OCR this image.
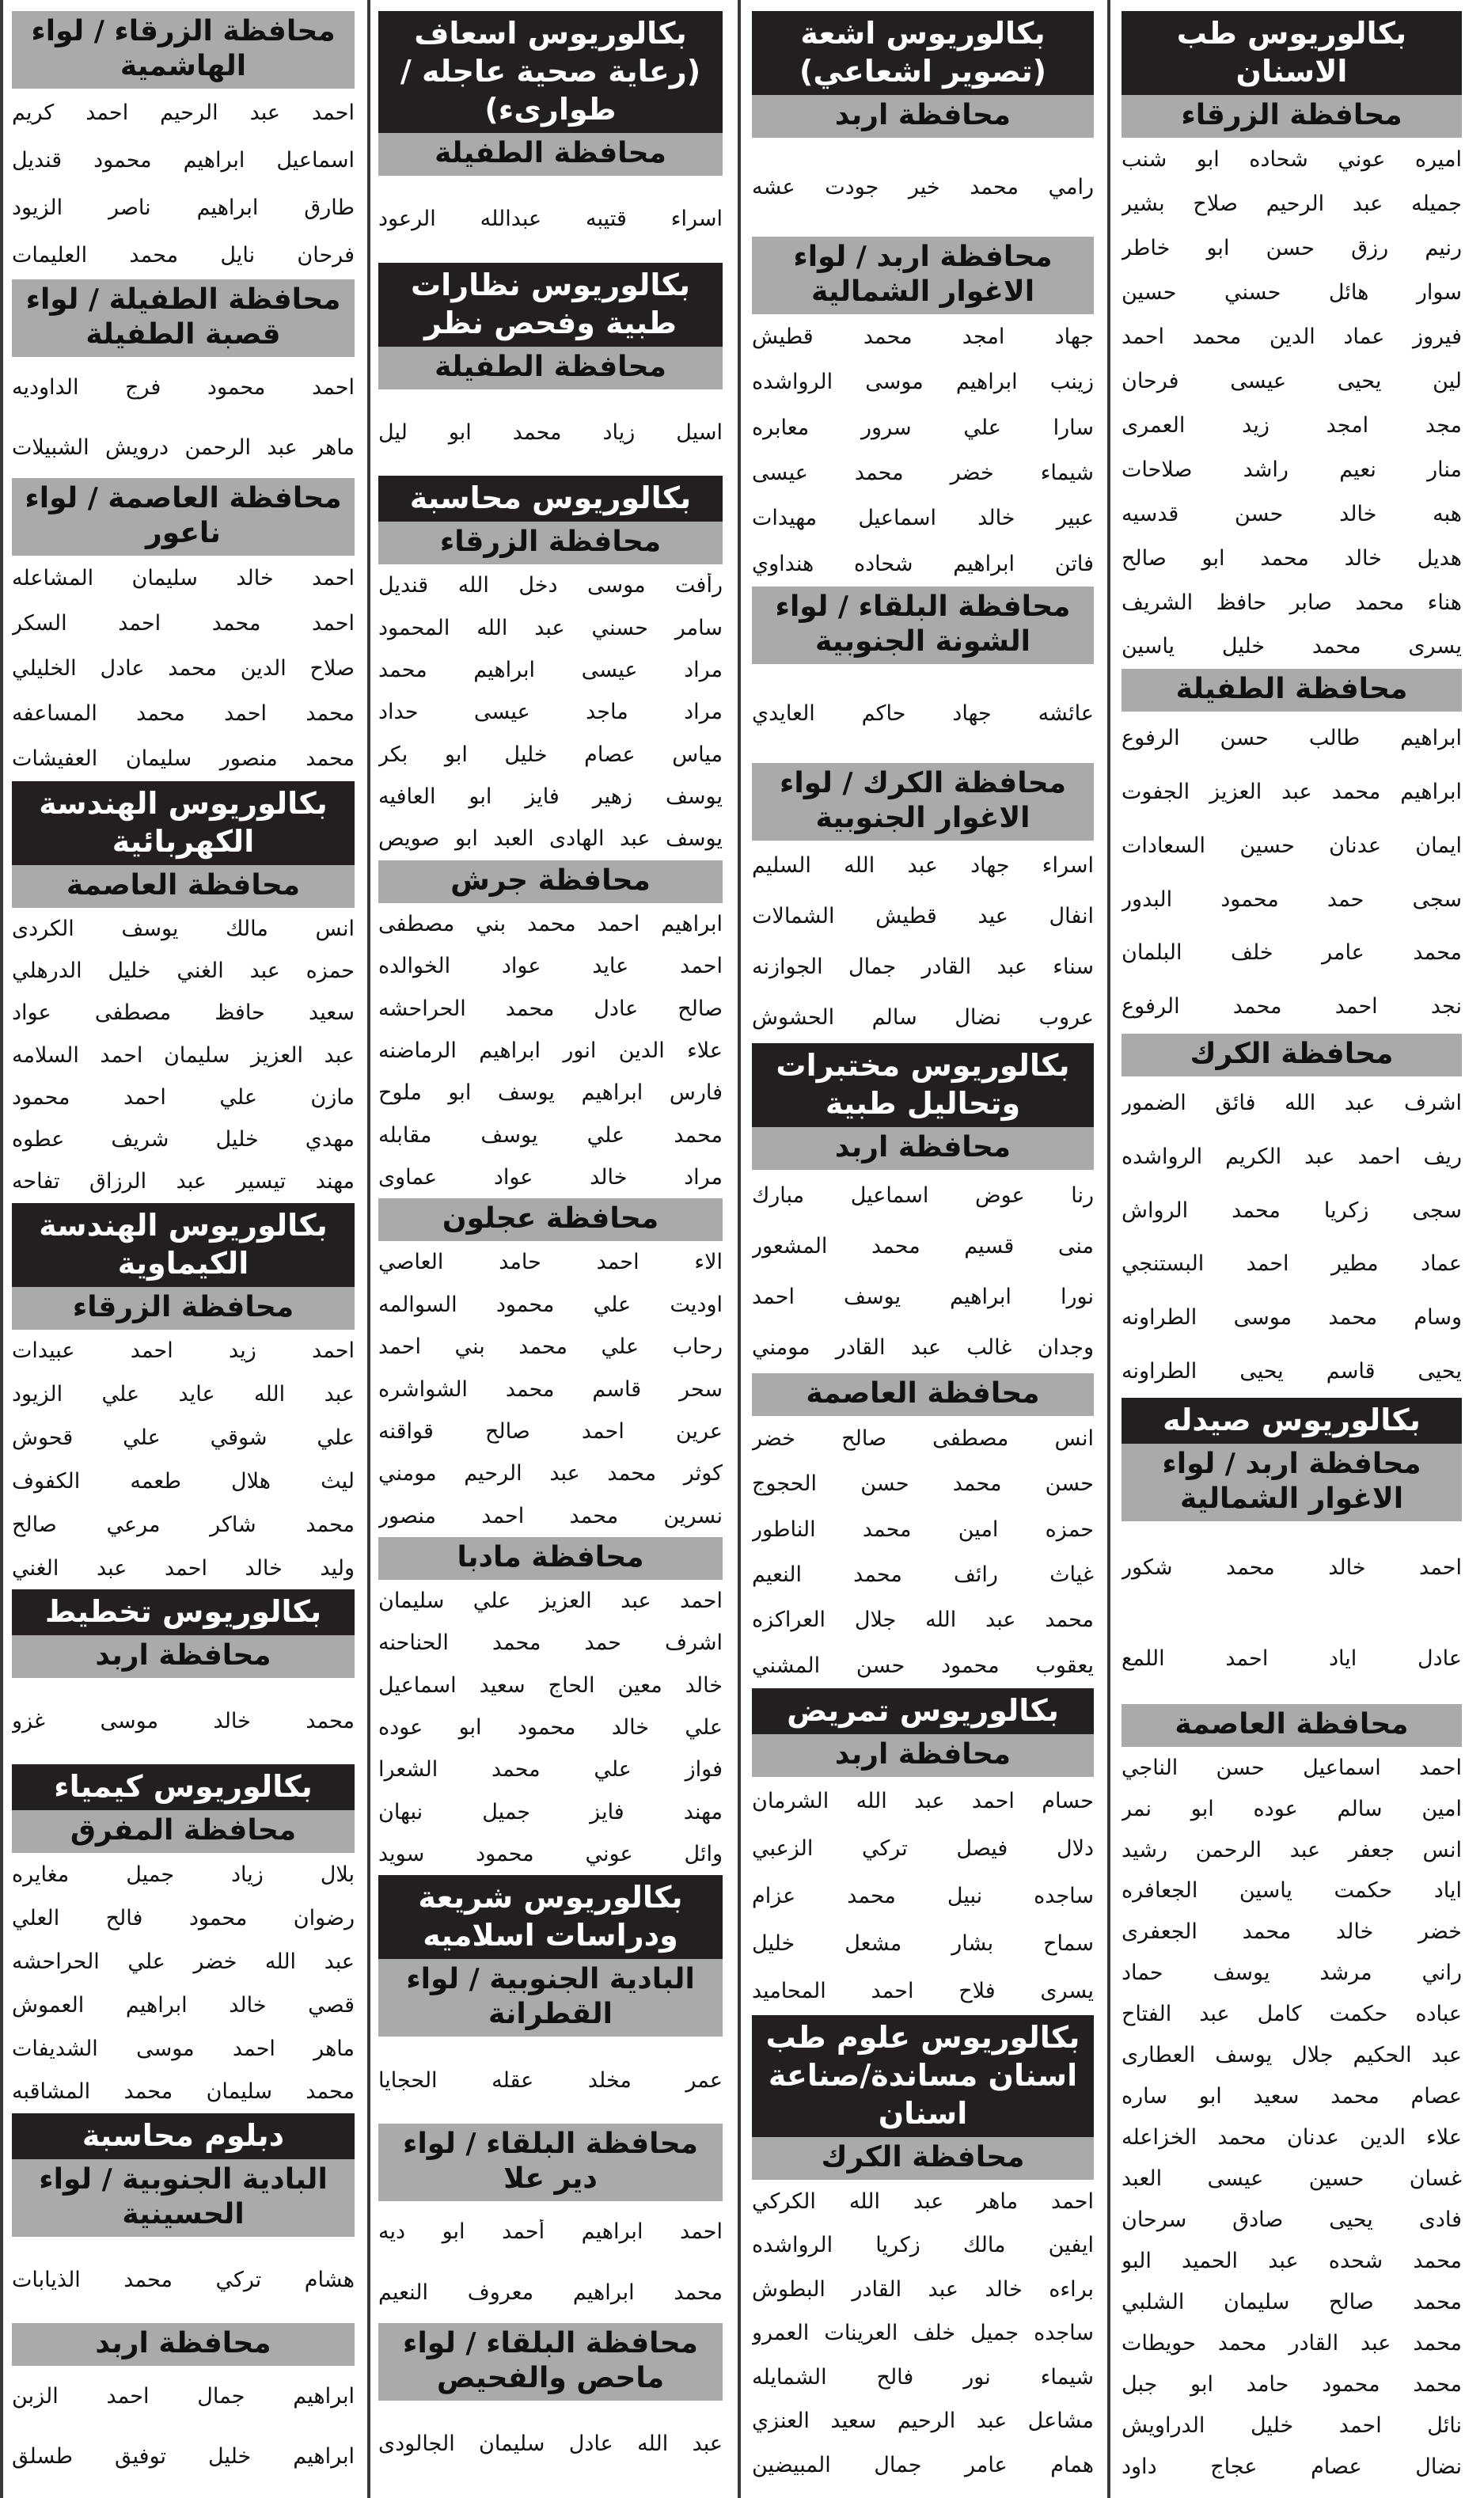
بكالوريوس طب الاسنان
محافظة الزرقاء
اميره عوني شحاده ابو شنب
جميله عبد الرحيم صلاح بشير
رنيم رزق حسن ابو خاطر
سوار هائل حسني حسين
فيروز عماد الدين محمد احمد
لين يحيى عيسى فرحان
مجد امجد زيد العمرى
منار نعيم راشد صلاحات
هبه خالد حسن قدسيه
هديل خالد محمد ابو صالح
هناء محمد صابر حافظ الشريف
يسرى محمد خليل ياسين
محافظة الطفيلة
ابراهيم طالب حسن الرفوع
ابراهيم محمد عبد العزيز الجفوت
ايمان عدنان حسين السعادات
سجى حمد محمود البدور
محمد عامر خلف البلمان
نجد احمد محمد الرفوع
محافظة الكرك
اشرف عبد الله فائق الضمور
ريف احمد عبد الكريم الرواشده
سجى زكريا محمد الرواش
عماد مطير احمد البستنجي
وسام محمد موسى الطراونه
يحيى قاسم يحيى الطراونه
بكالوريوس صيدله
محافظة اربد / لواء الاغوار الشمالية
احمد خالد محمد شكور
عادل اياد احمد اللمع
محافظة العاصمة
احمد اسماعيل حسن الناجي
امين سالم عوده ابو نمر
انس جعفر عبد الرحمن رشيد
اياد حكمت ياسين الجعافره
خضر خالد محمد الجعفرى
راني مرشد يوسف حماد
عباده حكمت كامل عبد الفتاح
عبد الحكيم جلال يوسف العطارى
عصام محمد سعيد ابو ساره
علاء الدين عدنان محمد الخزاعله
غسان حسين عيسى العبد
فادى يحيى صادق سرحان
محمد شحده عبد الحميد البو
محمد صالح سليمان الشلبي
محمد عبد القادر محمد حويطات
محمد محمود حامد ابو جبل
نائل احمد خليل الدراويش
نضال عصام عجاج داود
بكالوريوس اشعة (تصوير اشعاعي)
محافظة اربد
رامي محمد خير جودت عشه
محافظة اربد / لواء الاغوار الشمالية
جهاد امجد محمد قطيش
زينب ابراهيم موسى الرواشده
سارا علي سرور معابره
شيماء خضر محمد عيسى
عبير خالد اسماعيل مهيدات
فاتن ابراهيم شحاده هنداوي
محافظة البلقاء / لواء الشونة الجنوبية
عائشه جهاد حاكم العايدي
محافظة الكرك / لواء الاغوار الجنوبية
اسراء جهاد عبد الله السليم
انفال عيد قطيش الشمالات
سناء عبد القادر جمال الجوازنه
عروب نضال سالم الحشوش
بكالوريوس مختبرات وتحاليل طبية
محافظة اربد
رنا عوض اسماعيل مبارك
منى قسيم محمد المشعور
نورا ابراهيم يوسف احمد
وجدان غالب عبد القادر مومني
محافظة العاصمة
انس مصطفى صالح خضر
حسن محمد حسن الحجوج
حمزه امين محمد الناطور
غياث رائف محمد النعيم
محمد عبد الله جلال العراكزه
يعقوب محمود حسن المشني
بكالوريوس تمريض
محافظة اربد
حسام احمد عبد الله الشرمان
دلال فيصل تركي الزعبي
ساجده نبيل محمد عزام
سماح بشار مشعل خليل
يسرى فلاح احمد المحاميد
بكالوريوس علوم طب اسنان مساندة/صناعة اسنان
محافظة الكرك
احمد ماهر عبد الله الكركي
ايفين مالك زكريا الرواشده
براءه خالد عبد القادر البطوش
ساجده جميل خلف العرينات العمرو
شيماء نور فالح الشمايله
مشاعل عبد الرحيم سعيد العنزي
همام عامر جمال المبيضين
بكالوريوس اسعاف (رعاية صحية عاجله / طوارىء)
محافظة الطفيلة
اسراء قتيبه عبدالله الرعود
بكالوريوس نظارات طبية وفحص نظر
محافظة الطفيلة
اسيل زياد محمد ابو ليل
بكالوريوس محاسبة
محافظة الزرقاء
رأفت موسى دخل الله قنديل
سامر حسني عبد الله المحمود
مراد عيسى ابراهيم محمد
مراد ماجد عيسى حداد
مياس عصام خليل ابو بكر
يوسف زهير فايز ابو العافيه
يوسف عبد الهادى العبد ابو صويص
محافظة جرش
ابراهيم احمد محمد بني مصطفى
احمد عايد عواد الخوالده
صالح عادل محمد الحراحشه
علاء الدين انور ابراهيم الرماضنه
فارس ابراهيم يوسف ابو ملوح
محمد علي يوسف مقابله
مراد خالد عواد عماوى
محافظة عجلون
الاء احمد حامد العاصي
اوديت علي محمود السوالمه
رحاب علي محمد بني احمد
سحر قاسم محمد الشواشره
عرين احمد صالح قواقنه
كوثر محمد عبد الرحيم مومني
نسرين محمد احمد منصور
محافظة مادبا
احمد عبد العزيز علي سليمان
اشرف حمد محمد الحناحنه
خالد معين الحاج سعيد اسماعيل
علي خالد محمود ابو عوده
فواز علي محمد الشعرا
مهند فايز جميل نبهان
وائل عوني محمود سويد
بكالوريوس شريعة ودراسات اسلاميه
البادية الجنوبية / لواء القطرانة
عمر مخلد عقله الحجايا
محافظة البلقاء / لواء دير علا
احمد ابراهيم أحمد ابو ديه
محمد ابراهيم معروف النعيم
محافظة البلقاء / لواء ماحص والفحيص
عبد الله عادل سليمان الجالودى
محافظة الزرقاء / لواء الهاشمية
احمد عبد الرحيم احمد كريم
اسماعيل ابراهيم محمود قنديل
طارق ابراهيم ناصر الزيود
فرحان نايل محمد العليمات
محافظة الطفيلة / لواء قصبة الطفيلة
احمد محمود فرج الداوديه
ماهر عبد الرحمن درويش الشبيلات
محافظة العاصمة / لواء ناعور
احمد خالد سليمان المشاعله
احمد محمد احمد السكر
صلاح الدين محمد عادل الخليلي
محمد احمد محمد المساعفه
محمد منصور سليمان العفيشات
بكالوريوس الهندسة الكهربائية
محافظة العاصمة
انس مالك يوسف الكردى
حمزه عبد الغني خليل الدرهلي
سعيد حافظ مصطفى عواد
عبد العزيز سليمان احمد السلامه
مازن علي احمد محمود
مهدي خليل شريف عطوه
مهند تيسير عبد الرزاق تفاحه
بكالوريوس الهندسة الكيماوية
محافظة الزرقاء
احمد زيد احمد عبيدات
عبد الله عايد علي الزيود
علي شوقي علي قحوش
ليث هلال طعمه الكفوف
محمد شاكر مرعي صالح
وليد خالد احمد عبد الغني
بكالوريوس تخطيط
محافظة اربد
محمد خالد موسى غزو
بكالوريوس كيمياء
محافظة المفرق
بلال زياد جميل مغايره
رضوان محمود فالح العلي
عبد الله خضر علي الحراحشه
قصي خالد ابراهيم العموش
ماهر احمد موسى الشديفات
محمد سليمان محمد المشاقبه
دبلوم محاسبة
البادية الجنوبية / لواء الحسينية
هشام تركي محمد الذيابات
محافظة اربد
ابراهيم جمال احمد الزبن
ابراهيم خليل توفيق طسلق
